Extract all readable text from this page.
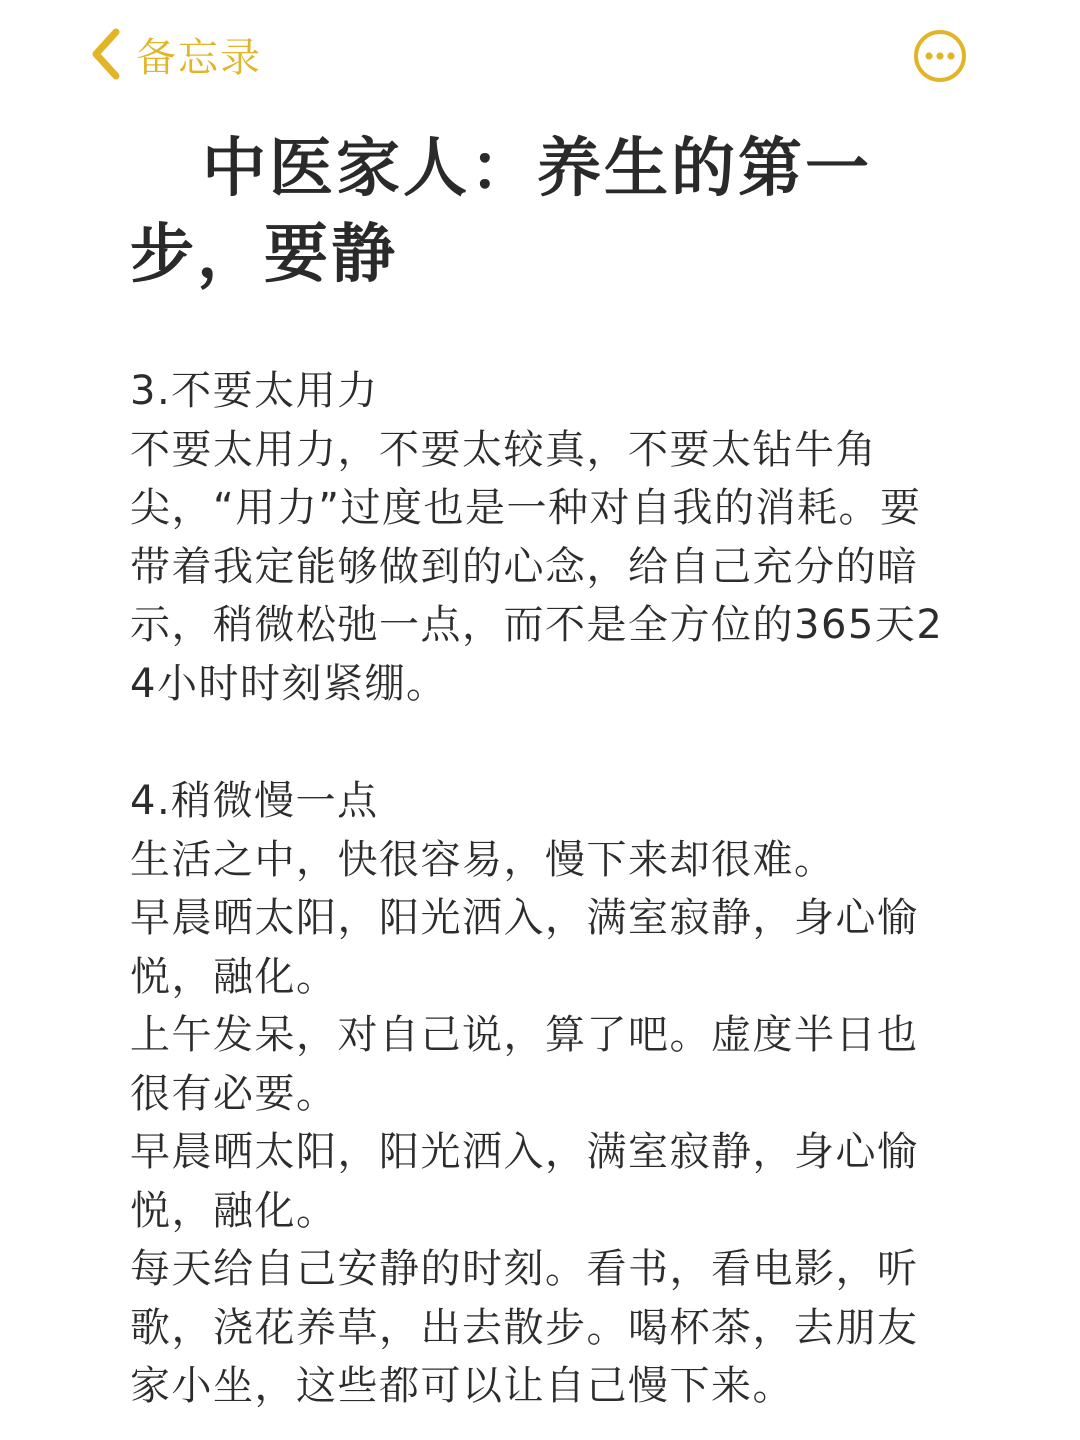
备忘录
中医家人：养生的第一步，要静

3.不要太用力

不要太用力，不要太较真，不要太钻牛角尖，“用力”过度也是一种对自我的消耗。要带着我定能够做到的心念，给自己充分的暗示，稍微松弛一点，而不是全方位的365天24小时时刻紧绷。

4.稍微慢一点

生活之中，快很容易，慢下来却很难。

早晨晒太阳，阳光洒入，满室寂静，身心愉悦，融化。

上午发呆，对自己说，算了吧。虚度半日也很有必要。

早晨晒太阳，阳光洒入，满室寂静，身心愉悦，融化。

每天给自己安静的时刻。看书，看电影，听歌，浇花养草，出去散步。喝杯茶，去朋友家小坐，这些都可以让自己慢下来。
